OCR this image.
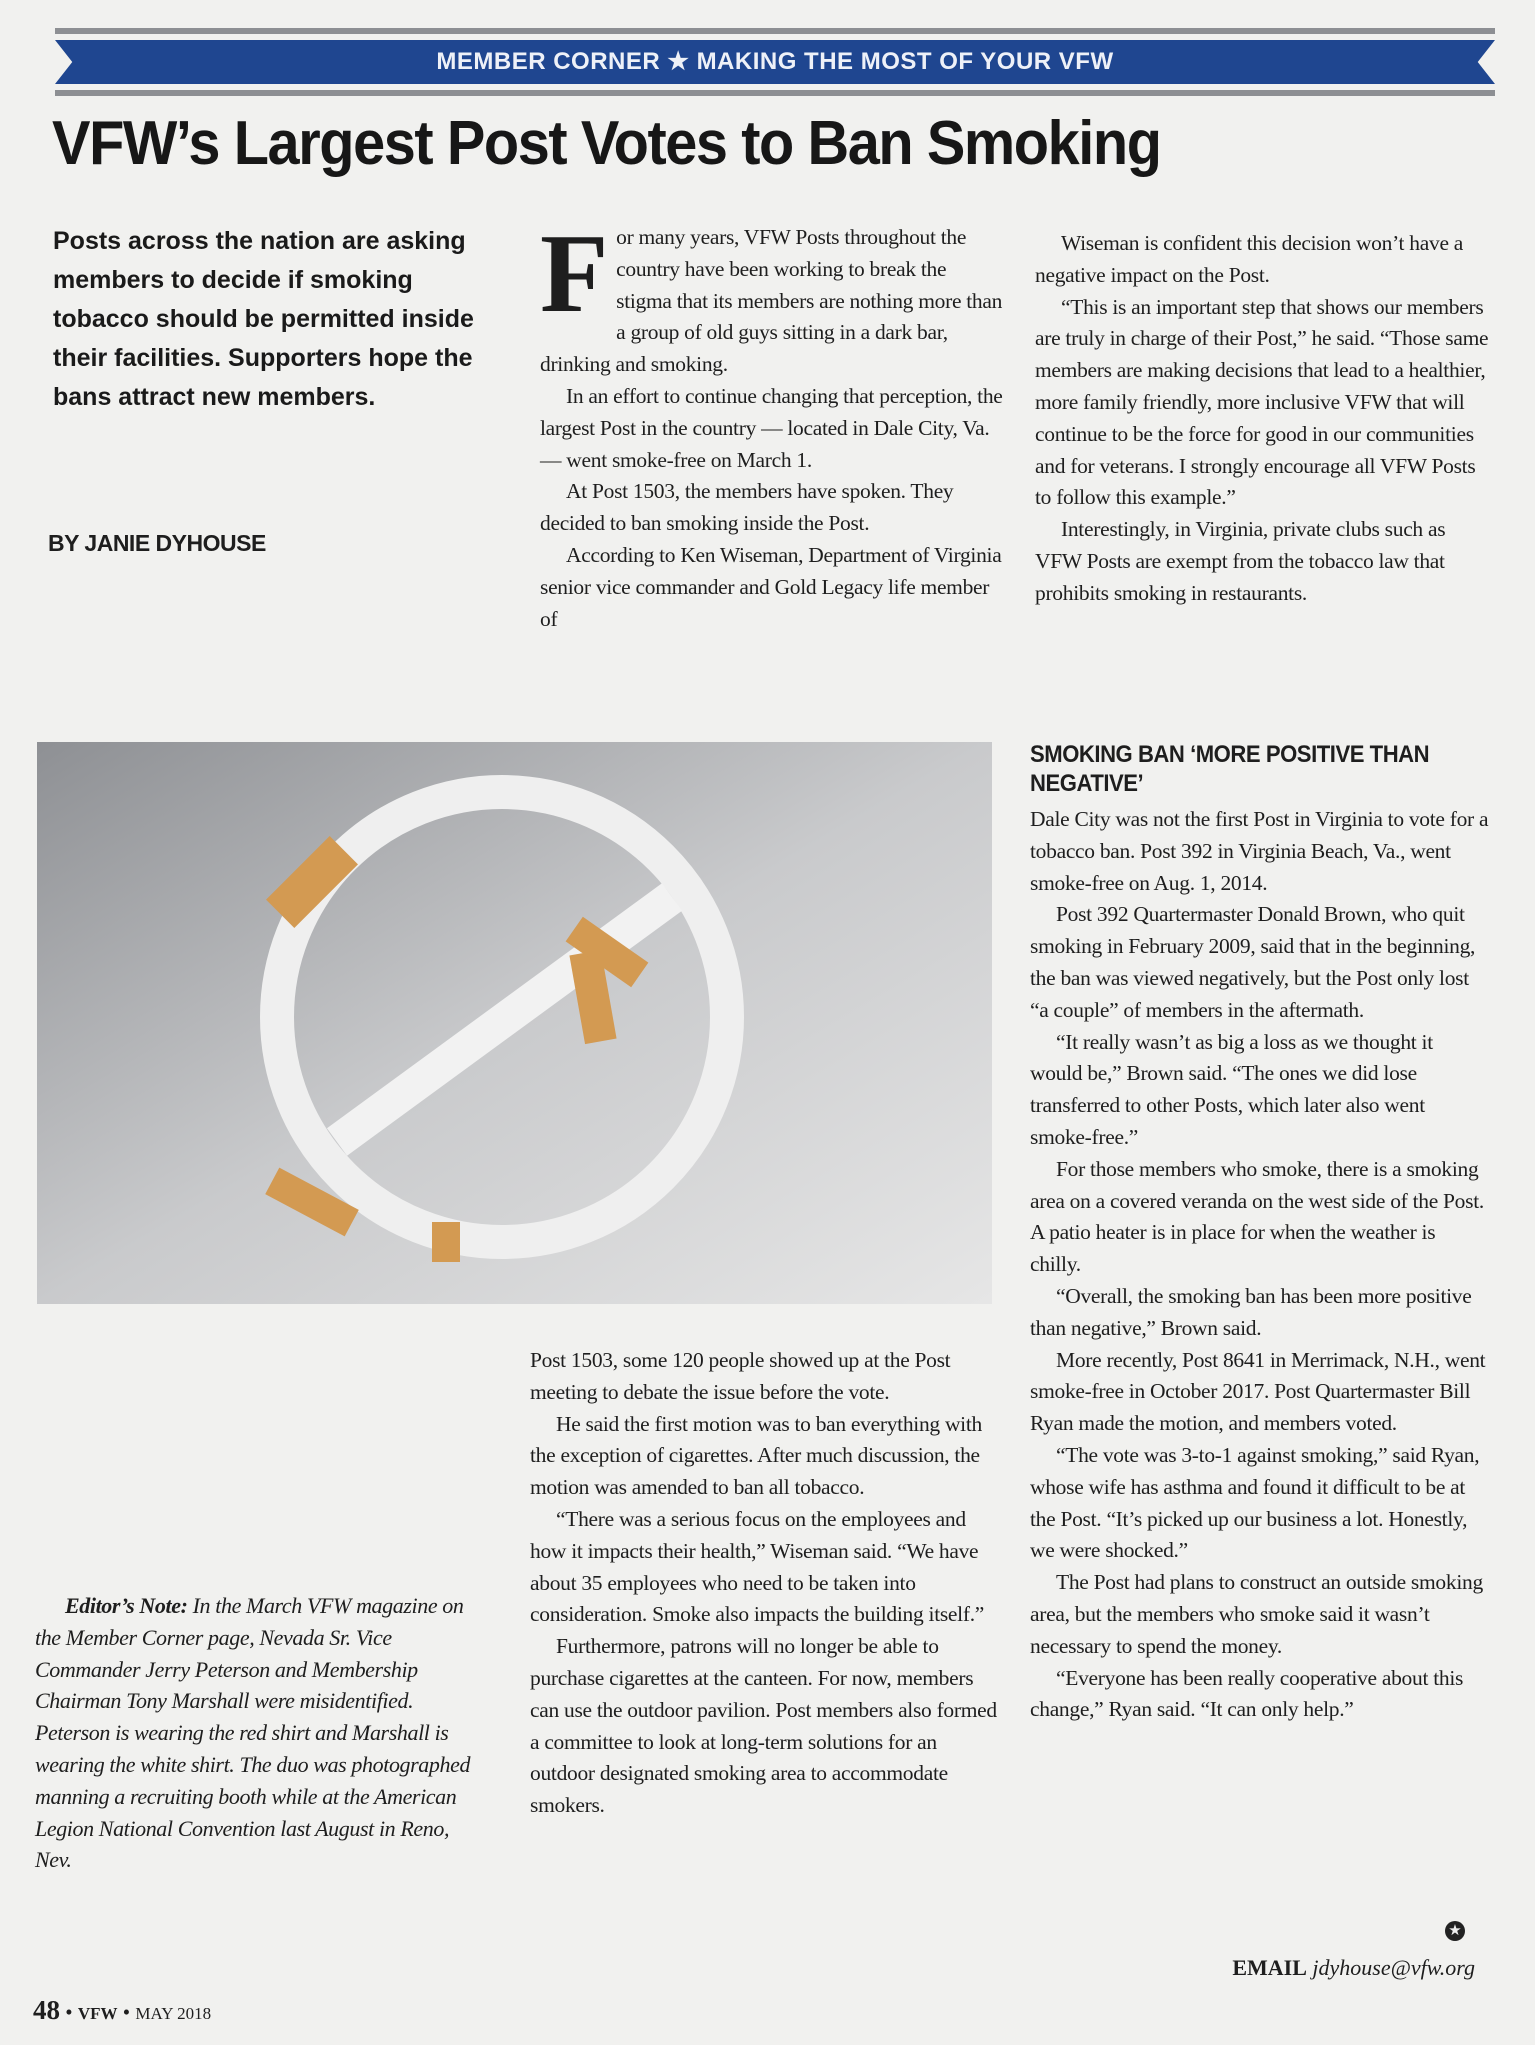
MEMBER CORNER ★ MAKING THE MOST OF YOUR VFW
VFW’s Largest Post Votes to Ban Smoking
Posts across the nation are asking members to decide if smoking tobacco should be permitted inside their facilities. Supporters hope the bans attract new members.
BY JANIE DYHOUSE

For many years, VFW Posts throughout the country have been working to break the stigma that its members are nothing more than a group of old guys sitting in a dark bar, drinking and smoking.

In an effort to continue changing that perception, the largest Post in the country — located in Dale City, Va. — went smoke-free on March 1.

At Post 1503, the members have spoken. They decided to ban smoking inside the Post.

According to Ken Wiseman, Department of Virginia senior vice commander and Gold Legacy life member of

Wiseman is confident this decision won’t have a negative impact on the Post.

“This is an important step that shows our members are truly in charge of their Post,” he said. “Those same members are making decisions that lead to a healthier, more family friendly, more inclusive VFW that will continue to be the force for good in our communities and for veterans. I strongly encourage all VFW Posts to follow this example.”

Interestingly, in Virginia, private clubs such as VFW Posts are exempt from the tobacco law that prohibits smoking in restaurants.

SMOKING BAN ‘MORE POSITIVE THAN NEGATIVE’

Dale City was not the first Post in Virginia to vote for a tobacco ban. Post 392 in Virginia Beach, Va., went smoke-free on Aug. 1, 2014.

Post 392 Quartermaster Donald Brown, who quit smoking in February 2009, said that in the beginning, the ban was viewed negatively, but the Post only lost “a couple” of members in the aftermath.

“It really wasn’t as big a loss as we thought it would be,” Brown said. “The ones we did lose transferred to other Posts, which later also went smoke-free.”

For those members who smoke, there is a smoking area on a covered veranda on the west side of the Post. A patio heater is in place for when the weather is chilly.

“Overall, the smoking ban has been more positive than negative,” Brown said.

More recently, Post 8641 in Merrimack, N.H., went smoke-free in October 2017. Post Quartermaster Bill Ryan made the motion, and members voted.

“The vote was 3-to-1 against smoking,” said Ryan, whose wife has asthma and found it difficult to be at the Post. “It’s picked up our business a lot. Honestly, we were shocked.”

The Post had plans to construct an outside smoking area, but the members who smoke said it wasn’t necessary to spend the money.

“Everyone has been really cooperative about this change,” Ryan said. “It can only help.”

Post 1503, some 120 people showed up at the Post meeting to debate the issue before the vote.

He said the first motion was to ban everything with the exception of cigarettes. After much discussion, the motion was amended to ban all tobacco.

“There was a serious focus on the employees and how it impacts their health,” Wiseman said. “We have about 35 employees who need to be taken into consideration. Smoke also impacts the building itself.”

Furthermore, patrons will no longer be able to purchase cigarettes at the canteen. For now, members can use the outdoor pavilion. Post members also formed a committee to look at long-term solutions for an outdoor designated smoking area to accommodate smokers.

Editor’s Note: In the March VFW magazine on the Member Corner page, Nevada Sr. Vice Commander Jerry Peterson and Membership Chairman Tony Marshall were misidentified. Peterson is wearing the red shirt and Marshall is wearing the white shirt. The duo was photographed manning a recruiting booth while at the American Legion National Convention last August in Reno, Nev.
★
EMAIL jdyhouse@vfw.org
48 • VFW • MAY 2018
